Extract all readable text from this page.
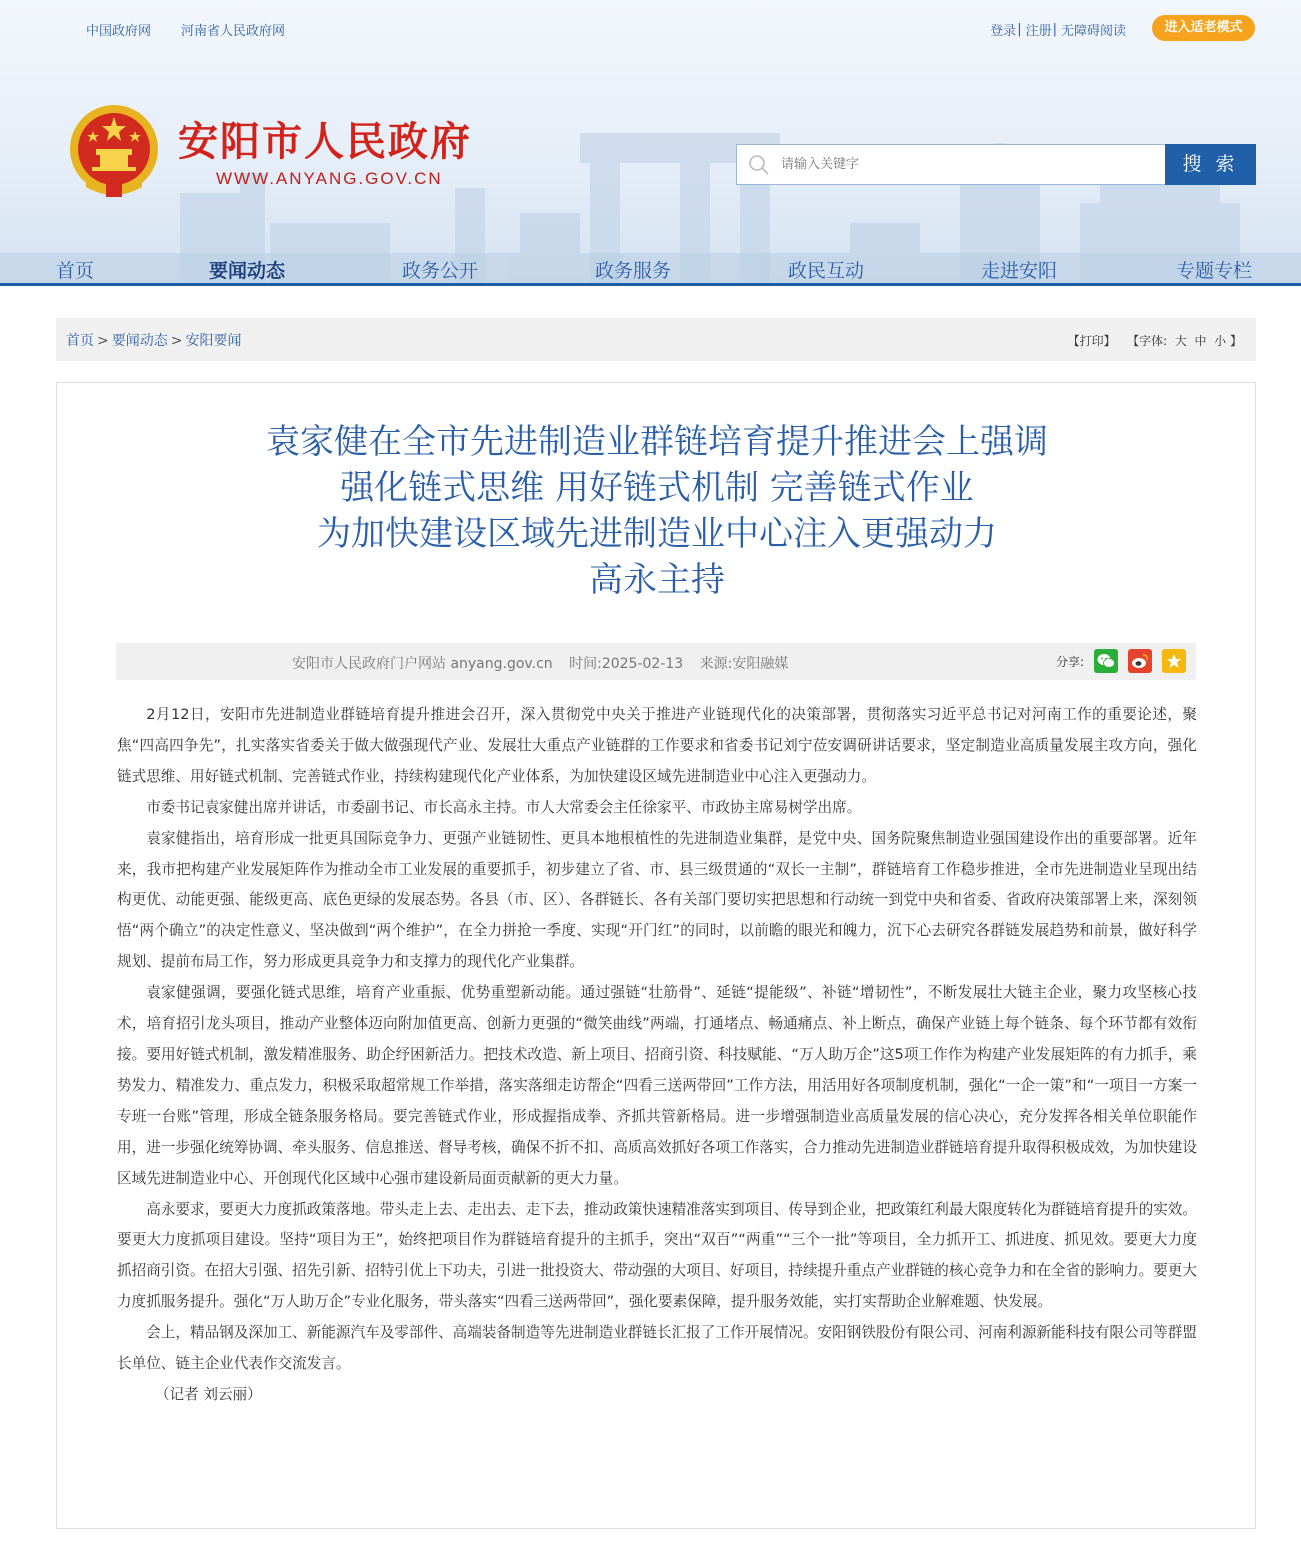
中国政府网 河南省人民政府网	登录 | 注册 | 无障碍阅读	进入适老模式
安阳市人民政府
WWW.ANYANG.GOV.CN
请输入关键字
搜 索
首页	要闻动态	政务公开	政务服务	政民互动	走进安阳	专题专栏
首页 > 要闻动态 > 安阳要闻	【打印】 【字体: 大 中 小 】
袁家健在全市先进制造业群链培育提升推进会上强调
强化链式思维 用好链式机制 完善链式作业
为加快建设区域先进制造业中心注入更强动力
高永主持
安阳市人民政府门户网站 anyang.gov.cn 时间:2025-02-13 来源:安阳融媒	分享:

2月12日，安阳市先进制造业群链培育提升推进会召开，深入贯彻党中央关于推进产业链现代化的决策部署，贯彻落实习近平总书记对河南工作的重要论述，聚焦“四高四争先”，扎实落实省委关于做大做强现代产业、发展壮大重点产业链群的工作要求和省委书记刘宁莅安调研讲话要求，坚定制造业高质量发展主攻方向，强化链式思维、用好链式机制、完善链式作业，持续构建现代化产业体系，为加快建设区域先进制造业中心注入更强动力。

市委书记袁家健出席并讲话，市委副书记、市长高永主持。市人大常委会主任徐家平、市政协主席易树学出席。

袁家健指出，培育形成一批更具国际竞争力、更强产业链韧性、更具本地根植性的先进制造业集群，是党中央、国务院聚焦制造业强国建设作出的重要部署。近年来，我市把构建产业发展矩阵作为推动全市工业发展的重要抓手，初步建立了省、市、县三级贯通的“双长一主制”，群链培育工作稳步推进，全市先进制造业呈现出结构更优、动能更强、能级更高、底色更绿的发展态势。各县（市、区）、各群链长、各有关部门要切实把思想和行动统一到党中央和省委、省政府决策部署上来，深刻领悟“两个确立”的决定性意义、坚决做到“两个维护”，在全力拼抢一季度、实现“开门红”的同时，以前瞻的眼光和魄力，沉下心去研究各群链发展趋势和前景，做好科学规划、提前布局工作，努力形成更具竞争力和支撑力的现代化产业集群。

袁家健强调，要强化链式思维，培育产业重振、优势重塑新动能。通过强链“壮筋骨”、延链“提能级”、补链“增韧性”，不断发展壮大链主企业，聚力攻坚核心技术，培育招引龙头项目，推动产业整体迈向附加值更高、创新力更强的“微笑曲线”两端，打通堵点、畅通痛点、补上断点，确保产业链上每个链条、每个环节都有效衔接。要用好链式机制，激发精准服务、助企纾困新活力。把技术改造、新上项目、招商引资、科技赋能、“万人助万企”这5项工作作为构建产业发展矩阵的有力抓手，乘势发力、精准发力、重点发力，积极采取超常规工作举措，落实落细走访帮企“四看三送两带回”工作方法，用活用好各项制度机制，强化“一企一策”和“一项目一方案一专班一台账”管理，形成全链条服务格局。要完善链式作业，形成握指成拳、齐抓共管新格局。进一步增强制造业高质量发展的信心决心，充分发挥各相关单位职能作用，进一步强化统筹协调、牵头服务、信息推送、督导考核，确保不折不扣、高质高效抓好各项工作落实，合力推动先进制造业群链培育提升取得积极成效，为加快建设区域先进制造业中心、开创现代化区域中心强市建设新局面贡献新的更大力量。

高永要求，要更大力度抓政策落地。带头走上去、走出去、走下去，推动政策快速精准落实到项目、传导到企业，把政策红利最大限度转化为群链培育提升的实效。要更大力度抓项目建设。坚持“项目为王”，始终把项目作为群链培育提升的主抓手，突出“双百”“两重”“三个一批”等项目，全力抓开工、抓进度、抓见效。要更大力度抓招商引资。在招大引强、招先引新、招特引优上下功夫，引进一批投资大、带动强的大项目、好项目，持续提升重点产业群链的核心竞争力和在全省的影响力。要更大力度抓服务提升。强化“万人助万企”专业化服务，带头落实“四看三送两带回”，强化要素保障，提升服务效能，实打实帮助企业解难题、快发展。

会上，精品钢及深加工、新能源汽车及零部件、高端装备制造等先进制造业群链长汇报了工作开展情况。安阳钢铁股份有限公司、河南利源新能科技有限公司等群盟长单位、链主企业代表作交流发言。

（记者 刘云丽）
